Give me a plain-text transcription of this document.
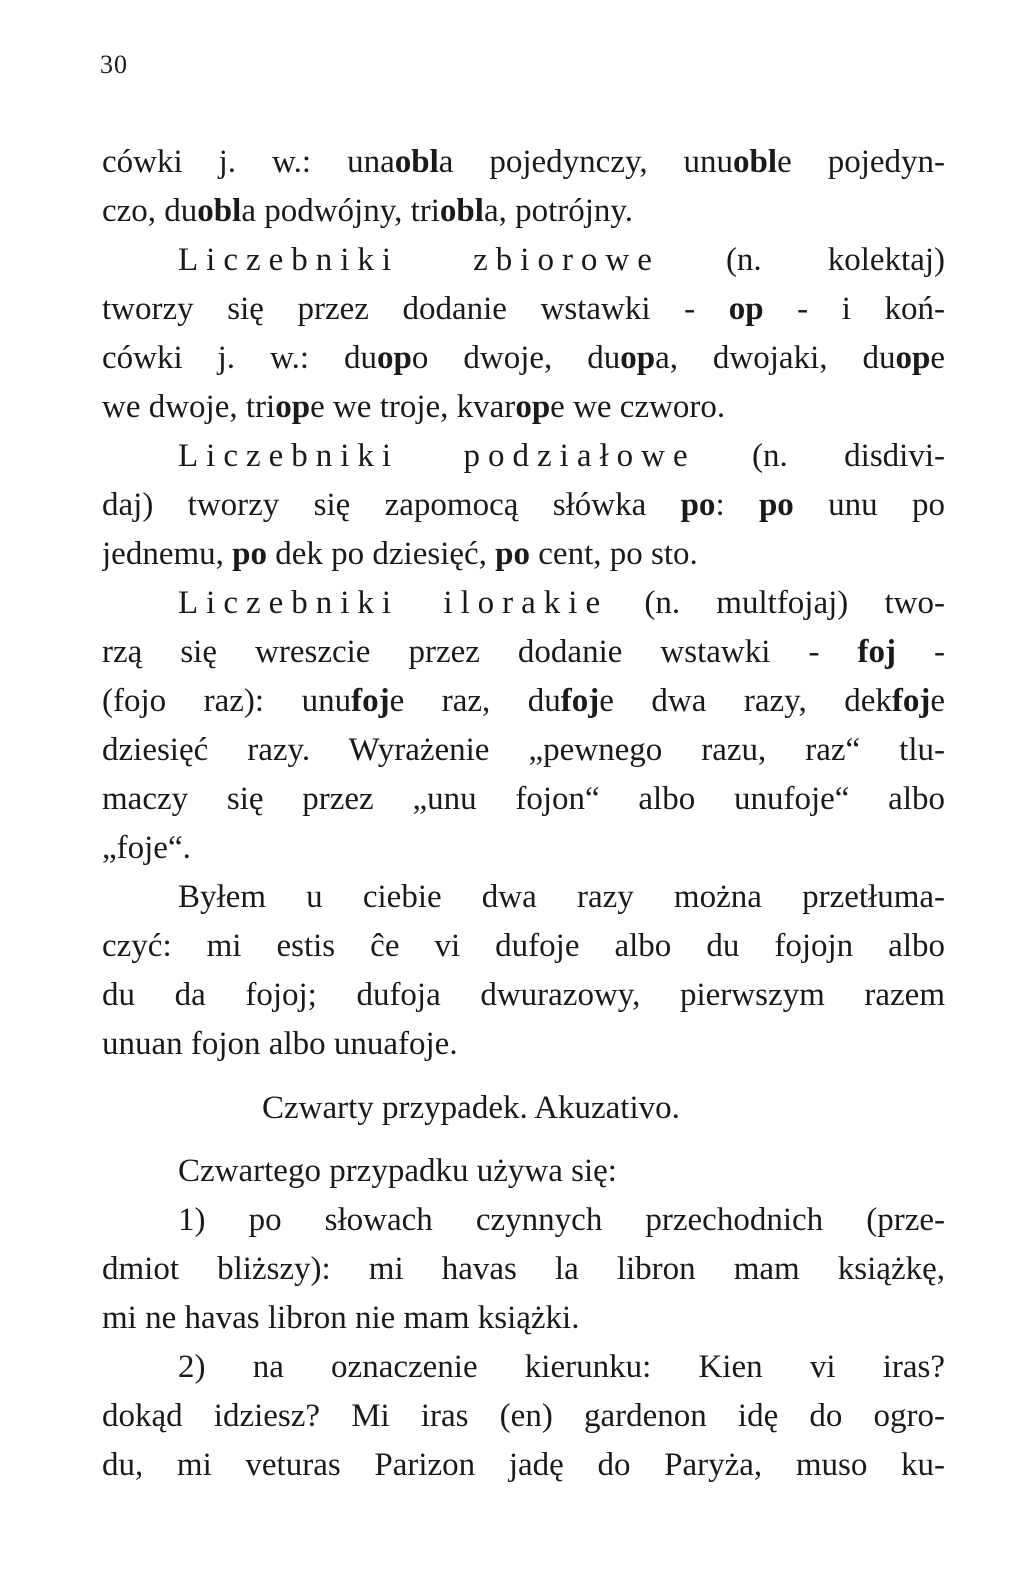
30
cówki j. w.: unaobla pojedynczy, unuoble pojedyn-
czo, duobla podwójny, triobla, potrójny.
Liczebniki zbiorowe (n. kolektaj)
tworzy się przez dodanie wstawki - op - i koń-
cówki j. w.: duopo dwoje, duopa, dwojaki, duope
we dwoje, triope we troje, kvarope we czworo.
Liczebniki podziałowe (n. disdivi-
daj) tworzy się zapomocą słówka po: po unu po
jednemu, po dek po dziesięć, po cent, po sto.
Liczebniki ilorakie (n. multfojaj) two-
rzą się wreszcie przez dodanie wstawki - foj -
(fojo raz): unufoje raz, dufoje dwa razy, dekfoje
dziesięć razy. Wyrażenie „pewnego razu, raz“ tlu-
maczy się przez „unu fojon“ albo unufoje“ albo
„foje“.
Byłem u ciebie dwa razy można przetłuma-
czyć: mi estis ĉe vi dufoje albo du fojojn albo
du da fojoj; dufoja dwurazowy, pierwszym razem
unuan fojon albo unuafoje.
Czwarty przypadek. Akuzativo.
Czwartego przypadku używa się:
1) po słowach czynnych przechodnich (prze-
dmiot bliższy): mi havas la libron mam książkę,
mi ne havas libron nie mam książki.
2) na oznaczenie kierunku: Kien vi iras?
dokąd idziesz? Mi iras (en) gardenon idę do ogro-
du, mi veturas Parizon jadę do Paryża, muso ku-
